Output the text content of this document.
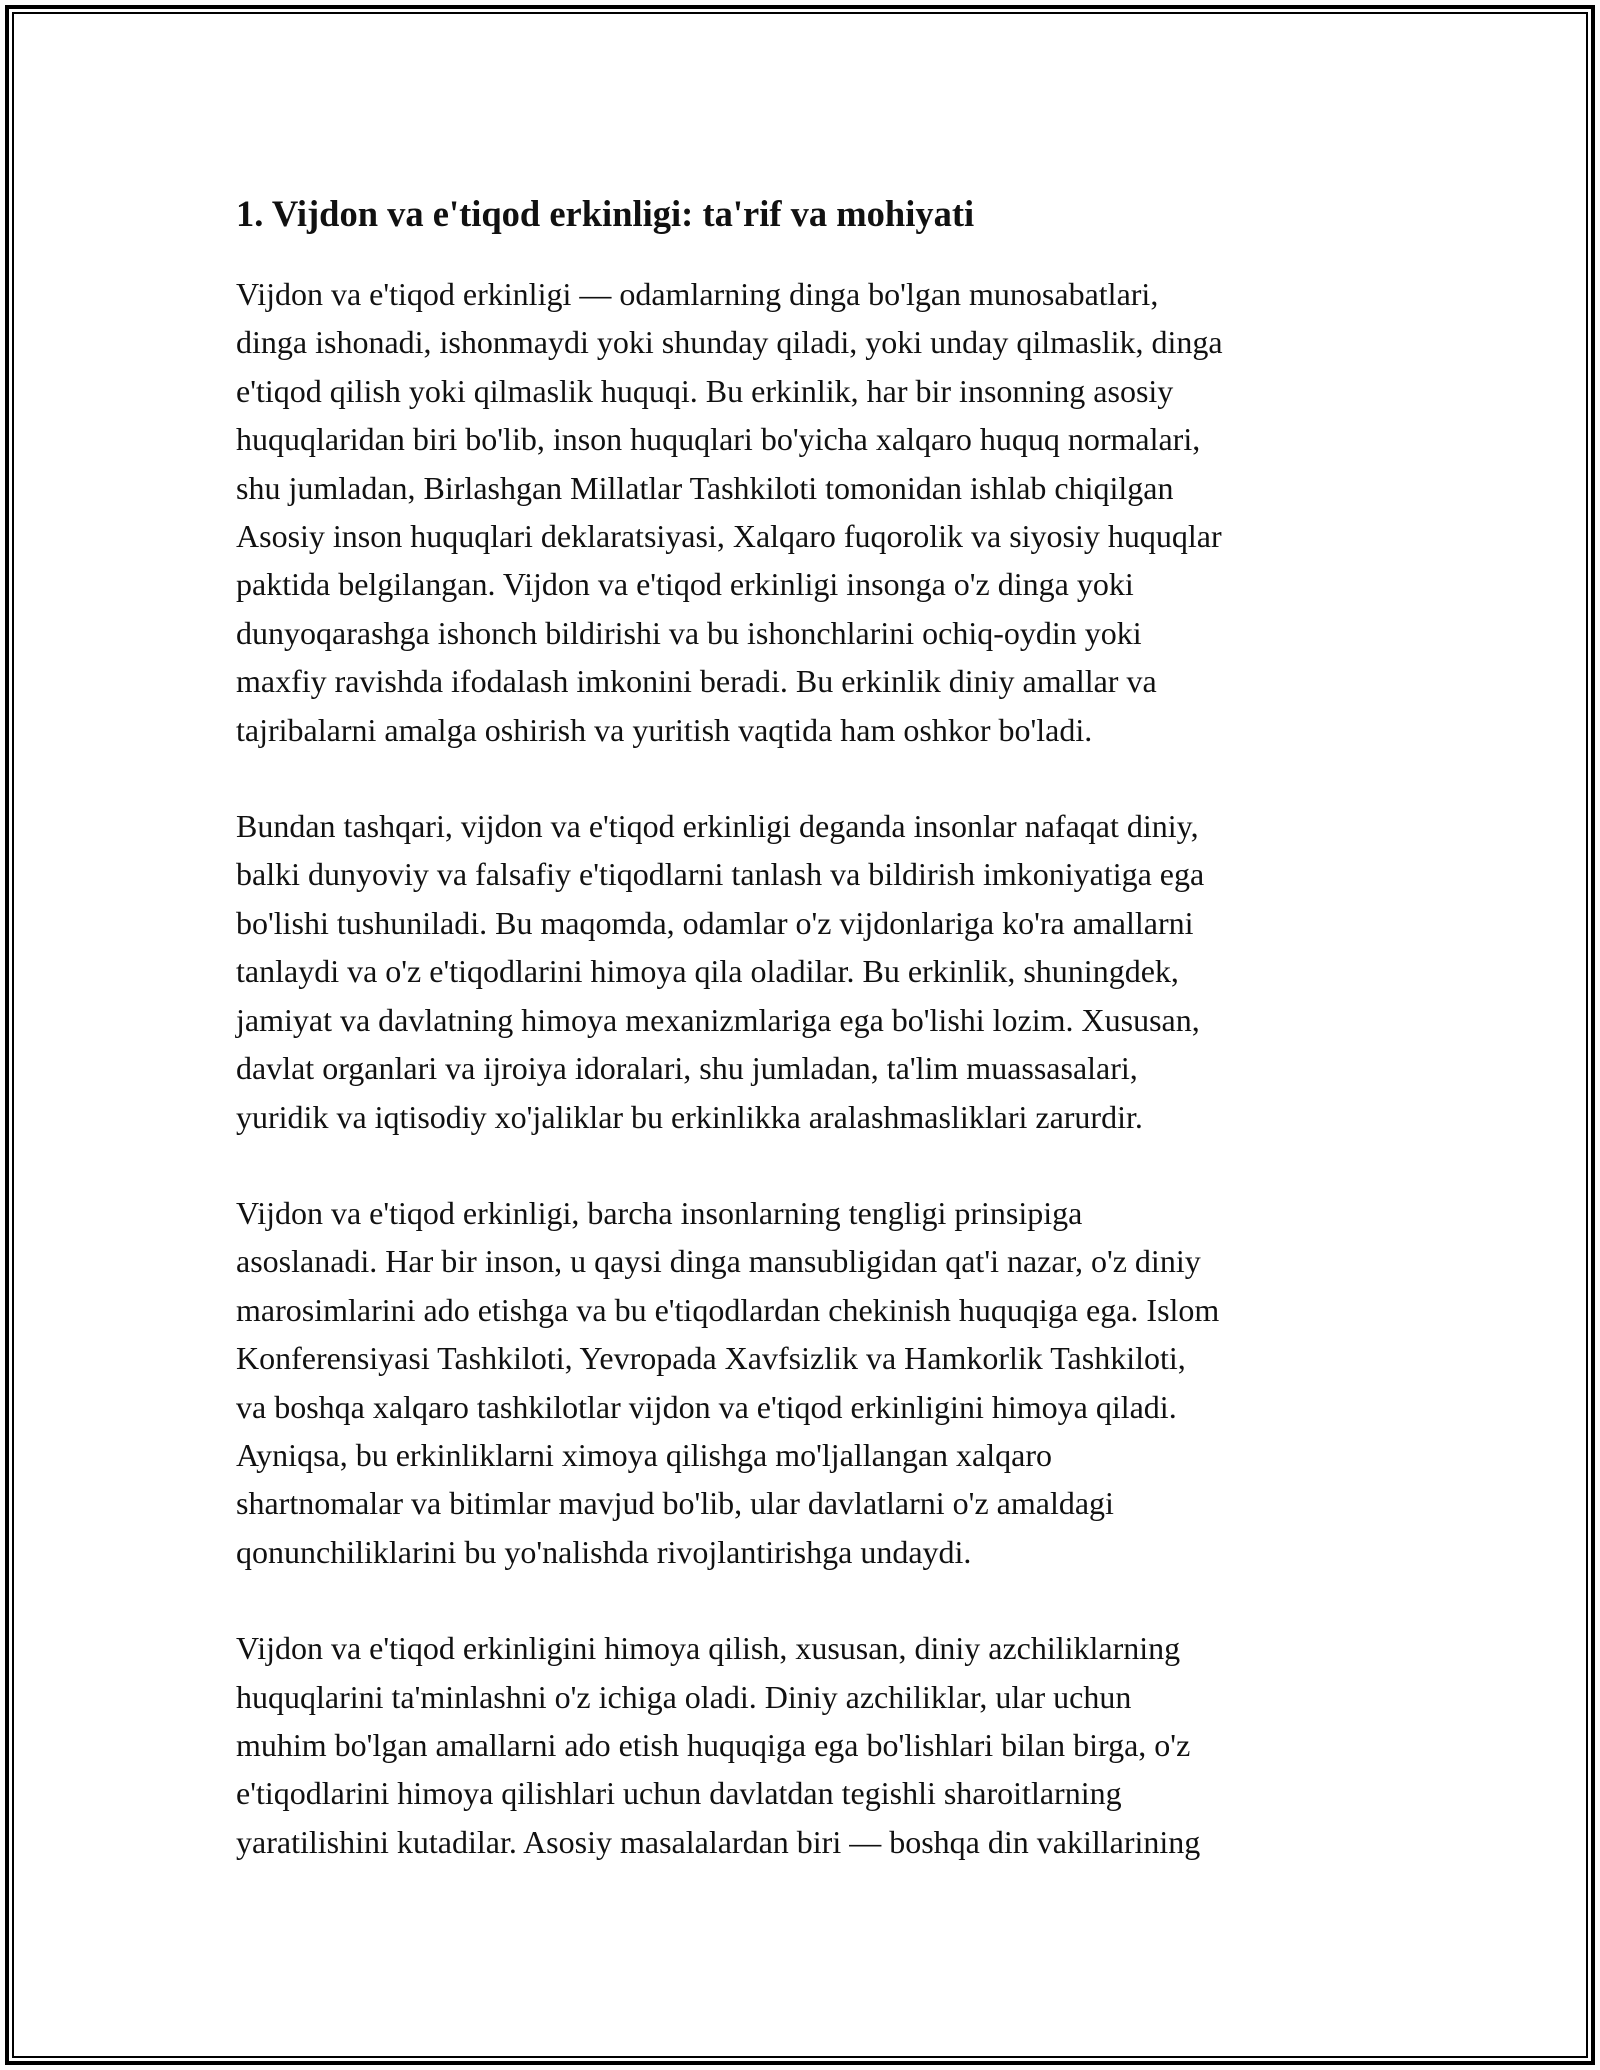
1. Vijdon va e'tiqod erkinligi: ta'rif va mohiyati

Vijdon va e'tiqod erkinligi — odamlarning dinga bo'lgan munosabatlari,
dinga ishonadi, ishonmaydi yoki shunday qiladi, yoki unday qilmaslik, dinga
e'tiqod qilish yoki qilmaslik huquqi. Bu erkinlik, har bir insonning asosiy
huquqlaridan biri bo'lib, inson huquqlari bo'yicha xalqaro huquq normalari,
shu jumladan, Birlashgan Millatlar Tashkiloti tomonidan ishlab chiqilgan
Asosiy inson huquqlari deklaratsiyasi, Xalqaro fuqorolik va siyosiy huquqlar
paktida belgilangan. Vijdon va e'tiqod erkinligi insonga o'z dinga yoki
dunyoqarashga ishonch bildirishi va bu ishonchlarini ochiq-oydin yoki
maxfiy ravishda ifodalash imkonini beradi. Bu erkinlik diniy amallar va
tajribalarni amalga oshirish va yuritish vaqtida ham oshkor bo'ladi.

Bundan tashqari, vijdon va e'tiqod erkinligi deganda insonlar nafaqat diniy,
balki dunyoviy va falsafiy e'tiqodlarni tanlash va bildirish imkoniyatiga ega
bo'lishi tushuniladi. Bu maqomda, odamlar o'z vijdonlariga ko'ra amallarni
tanlaydi va o'z e'tiqodlarini himoya qila oladilar. Bu erkinlik, shuningdek,
jamiyat va davlatning himoya mexanizmlariga ega bo'lishi lozim. Xususan,
davlat organlari va ijroiya idoralari, shu jumladan, ta'lim muassasalari,
yuridik va iqtisodiy xo'jaliklar bu erkinlikka aralashmasliklari zarurdir.

Vijdon va e'tiqod erkinligi, barcha insonlarning tengligi prinsipiga
asoslanadi. Har bir inson, u qaysi dinga mansubligidan qat'i nazar, o'z diniy
marosimlarini ado etishga va bu e'tiqodlardan chekinish huquqiga ega. Islom
Konferensiyasi Tashkiloti, Yevropada Xavfsizlik va Hamkorlik Tashkiloti,
va boshqa xalqaro tashkilotlar vijdon va e'tiqod erkinligini himoya qiladi.
Ayniqsa, bu erkinliklarni ximoya qilishga mo'ljallangan xalqaro
shartnomalar va bitimlar mavjud bo'lib, ular davlatlarni o'z amaldagi
qonunchiliklarini bu yo'nalishda rivojlantirishga undaydi.

Vijdon va e'tiqod erkinligini himoya qilish, xususan, diniy azchiliklarning
huquqlarini ta'minlashni o'z ichiga oladi. Diniy azchiliklar, ular uchun
muhim bo'lgan amallarni ado etish huquqiga ega bo'lishlari bilan birga, o'z
e'tiqodlarini himoya qilishlari uchun davlatdan tegishli sharoitlarning
yaratilishini kutadilar. Asosiy masalalardan biri — boshqa din vakillarining
